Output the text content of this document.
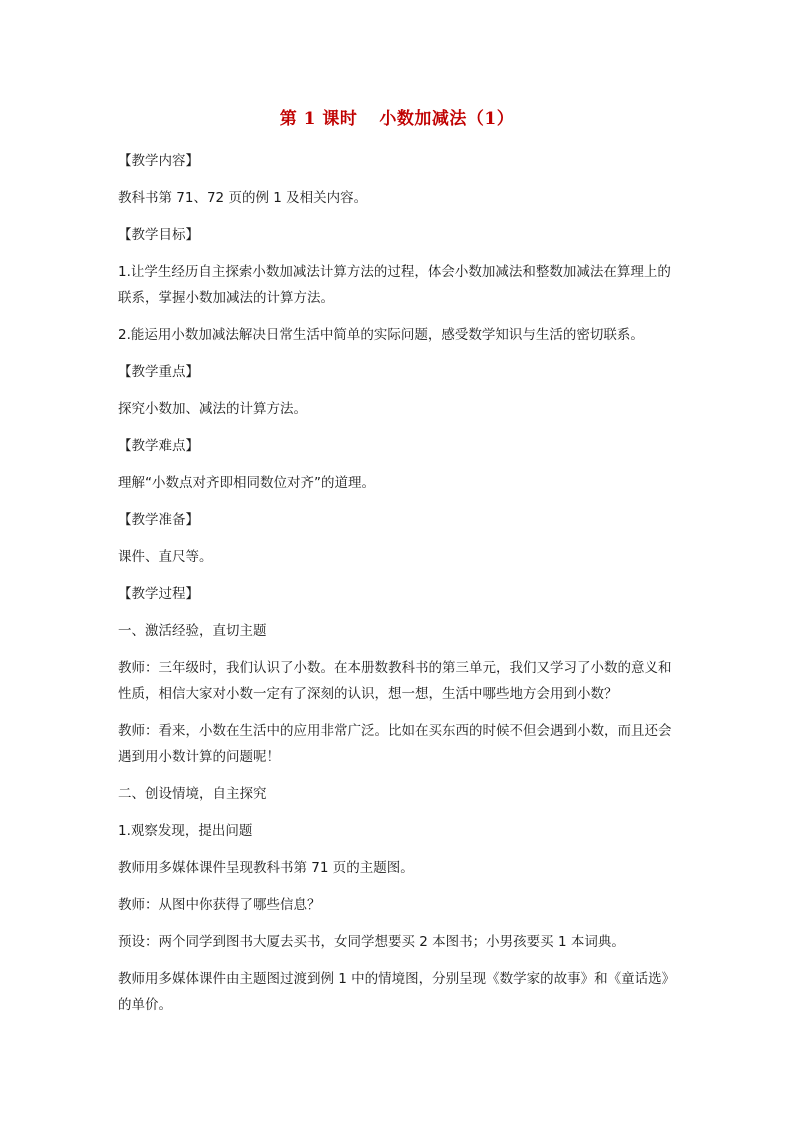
第 1 课时 小数加减法（1）

【教学内容】

教科书第 71、72 页的例 1 及相关内容。

【教学目标】

1.让学生经历自主探索小数加减法计算方法的过程，体会小数加减法和整数加减法在算理上的联系，掌握小数加减法的计算方法。

2.能运用小数加减法解决日常生活中简单的实际问题，感受数学知识与生活的密切联系。

【教学重点】

探究小数加、减法的计算方法。

【教学难点】

理解“小数点对齐即相同数位对齐”的道理。

【教学准备】

课件、直尺等。

【教学过程】

一、激活经验，直切主题

教师：三年级时，我们认识了小数。在本册数教科书的第三单元，我们又学习了小数的意义和性质，相信大家对小数一定有了深刻的认识，想一想，生活中哪些地方会用到小数？

教师：看来，小数在生活中的应用非常广泛。比如在买东西的时候不但会遇到小数，而且还会遇到用小数计算的问题呢！

二、创设情境，自主探究

1.观察发现，提出问题

教师用多媒体课件呈现教科书第 71 页的主题图。

教师：从图中你获得了哪些信息？

预设：两个同学到图书大厦去买书，女同学想要买 2 本图书；小男孩要买 1 本词典。

教师用多媒体课件由主题图过渡到例 1 中的情境图，分别呈现《数学家的故事》和《童话选》的单价。
